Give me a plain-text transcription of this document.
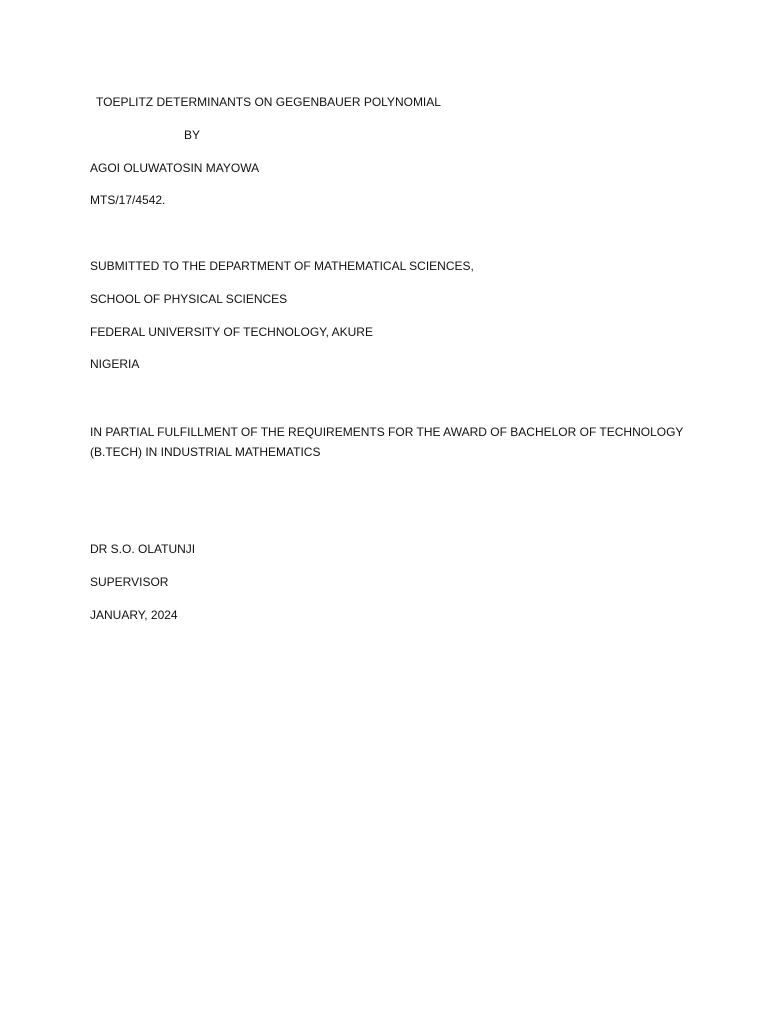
TOEPLITZ DETERMINANTS ON GEGENBAUER POLYNOMIAL
BY
AGOI OLUWATOSIN MAYOWA
MTS/17/4542.
SUBMITTED TO THE DEPARTMENT OF MATHEMATICAL SCIENCES,
SCHOOL OF PHYSICAL SCIENCES
FEDERAL UNIVERSITY OF TECHNOLOGY, AKURE
NIGERIA
IN PARTIAL FULFILLMENT OF THE REQUIREMENTS FOR THE AWARD OF BACHELOR OF TECHNOLOGY (B.TECH) IN INDUSTRIAL MATHEMATICS
DR S.O. OLATUNJI
SUPERVISOR
JANUARY, 2024
